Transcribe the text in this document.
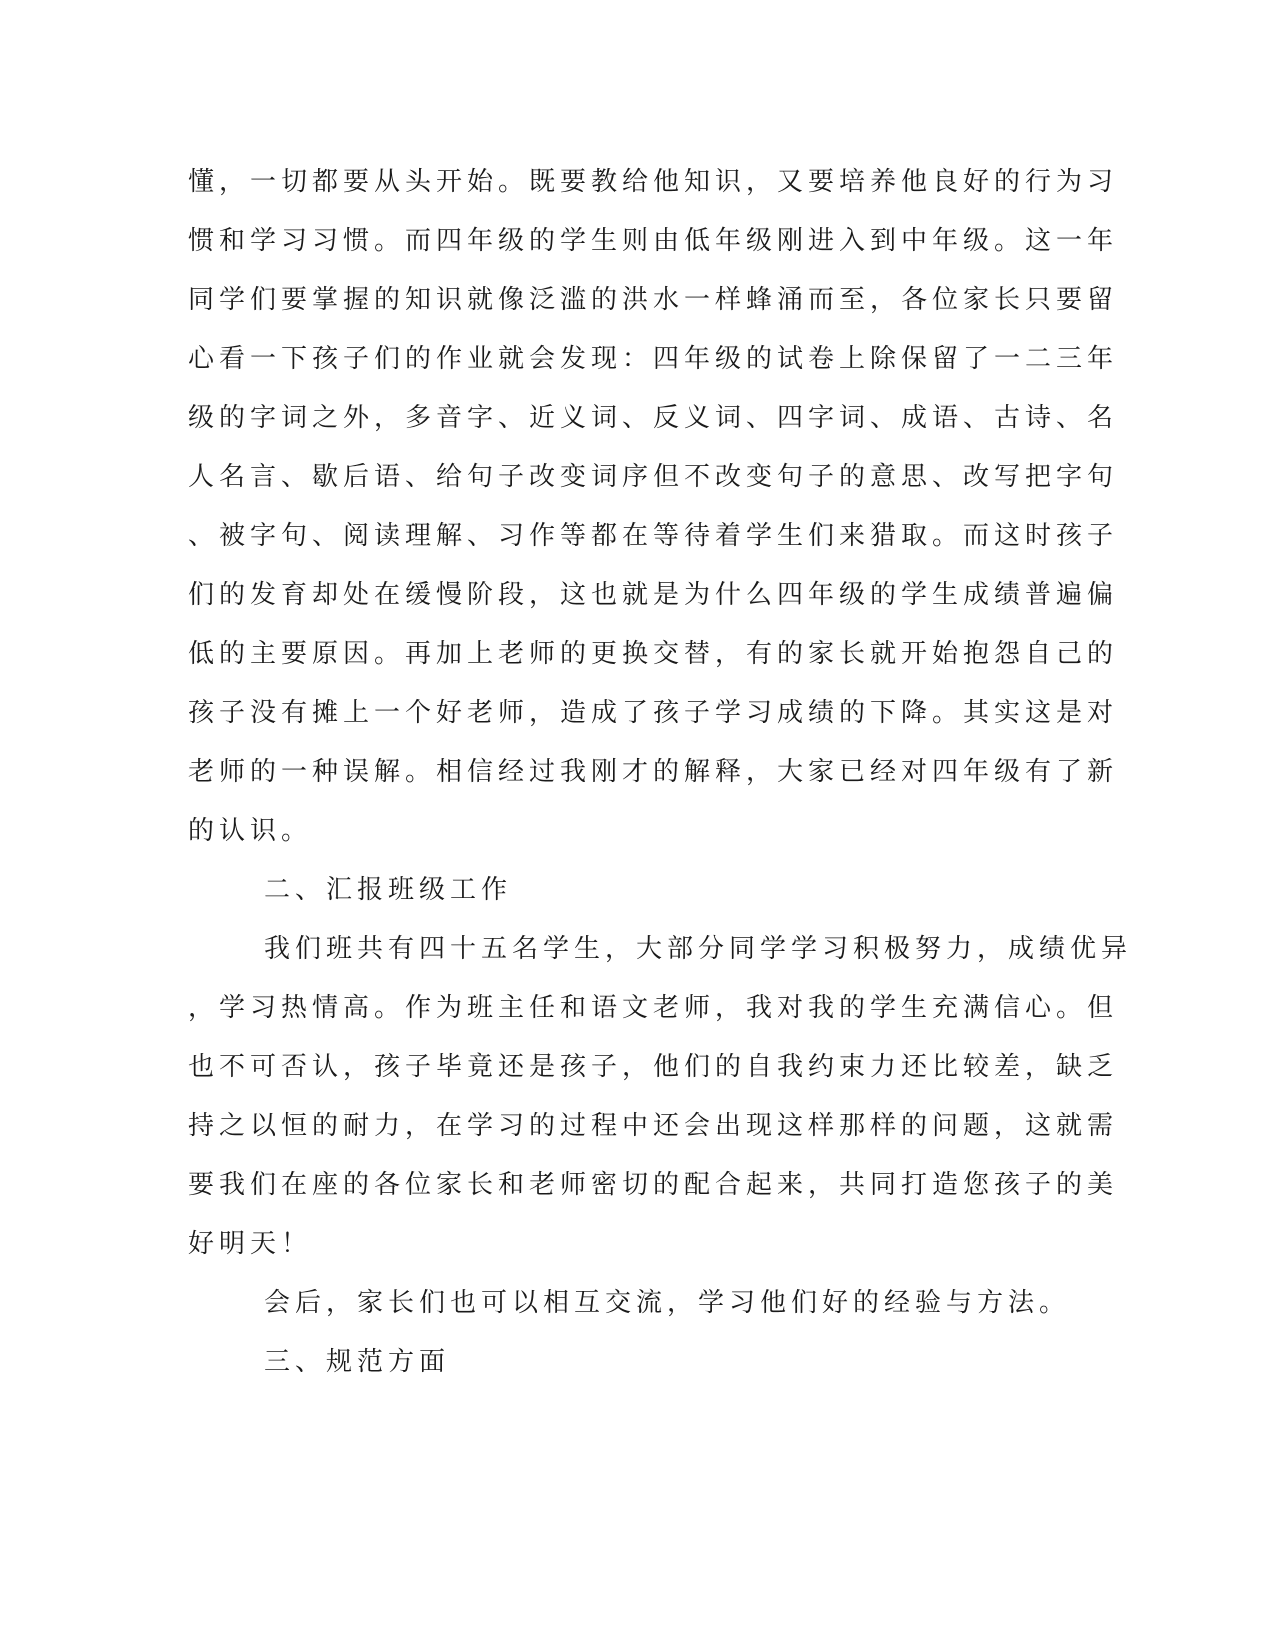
懂，一切都要从头开始。既要教给他知识，又要培养他良好的行为习

惯和学习习惯。而四年级的学生则由低年级刚进入到中年级。这一年

同学们要掌握的知识就像泛滥的洪水一样蜂涌而至，各位家长只要留

心看一下孩子们的作业就会发现：四年级的试卷上除保留了一二三年

级的字词之外，多音字、近义词、反义词、四字词、成语、古诗、名

人名言、歇后语、给句子改变词序但不改变句子的意思、改写把字句

、被字句、阅读理解、习作等都在等待着学生们来猎取。而这时孩子

们的发育却处在缓慢阶段，这也就是为什么四年级的学生成绩普遍偏

低的主要原因。再加上老师的更换交替，有的家长就开始抱怨自己的

孩子没有摊上一个好老师，造成了孩子学习成绩的下降。其实这是对

老师的一种误解。相信经过我刚才的解释，大家已经对四年级有了新

的认识。

二、汇报班级工作

我们班共有四十五名学生，大部分同学学习积极努力，成绩优异

，学习热情高。作为班主任和语文老师，我对我的学生充满信心。但

也不可否认，孩子毕竟还是孩子，他们的自我约束力还比较差，缺乏

持之以恒的耐力，在学习的过程中还会出现这样那样的问题，这就需

要我们在座的各位家长和老师密切的配合起来，共同打造您孩子的美

好明天！

会后，家长们也可以相互交流，学习他们好的经验与方法。

三、规范方面
